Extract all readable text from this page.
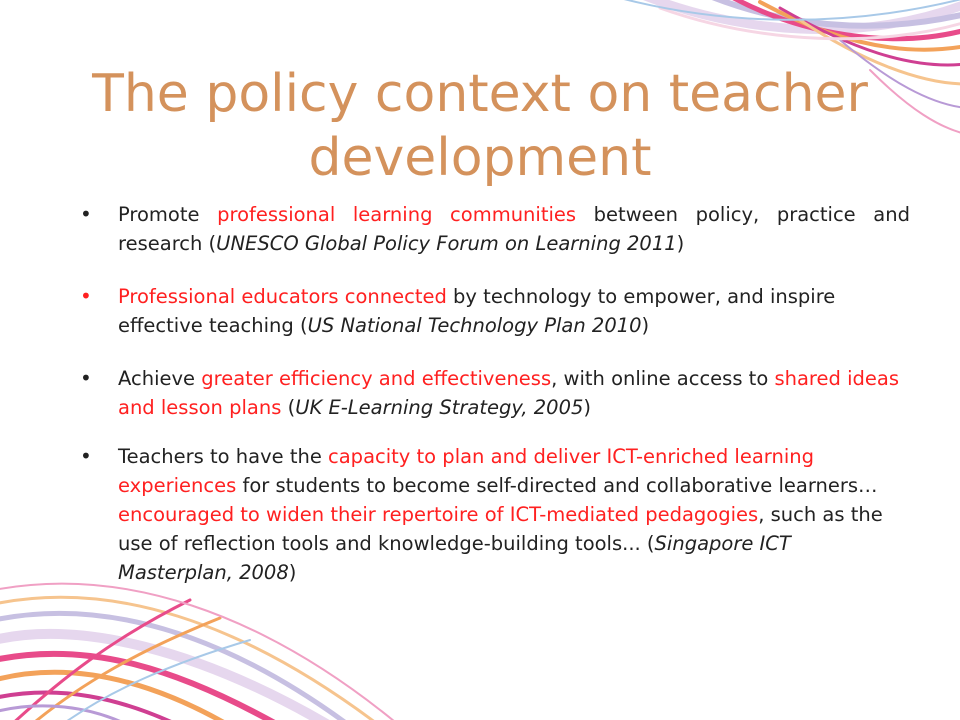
The policy context on teacher development
• Promote professional learning communities between policy, practice and research (UNESCO Global Policy Forum on Learning 2011)
• Professional educators connected by technology to empower, and inspire effective teaching (US National Technology Plan 2010)
• Achieve greater efficiency and effectiveness, with online access to shared ideas and lesson plans (UK E-Learning Strategy, 2005)
• Teachers to have the capacity to plan and deliver ICT-enriched learning experiences for students to become self-directed and collaborative learners… encouraged to widen their repertoire of ICT-mediated pedagogies, such as the use of reflection tools and knowledge-building tools... (Singapore ICT Masterplan, 2008)
